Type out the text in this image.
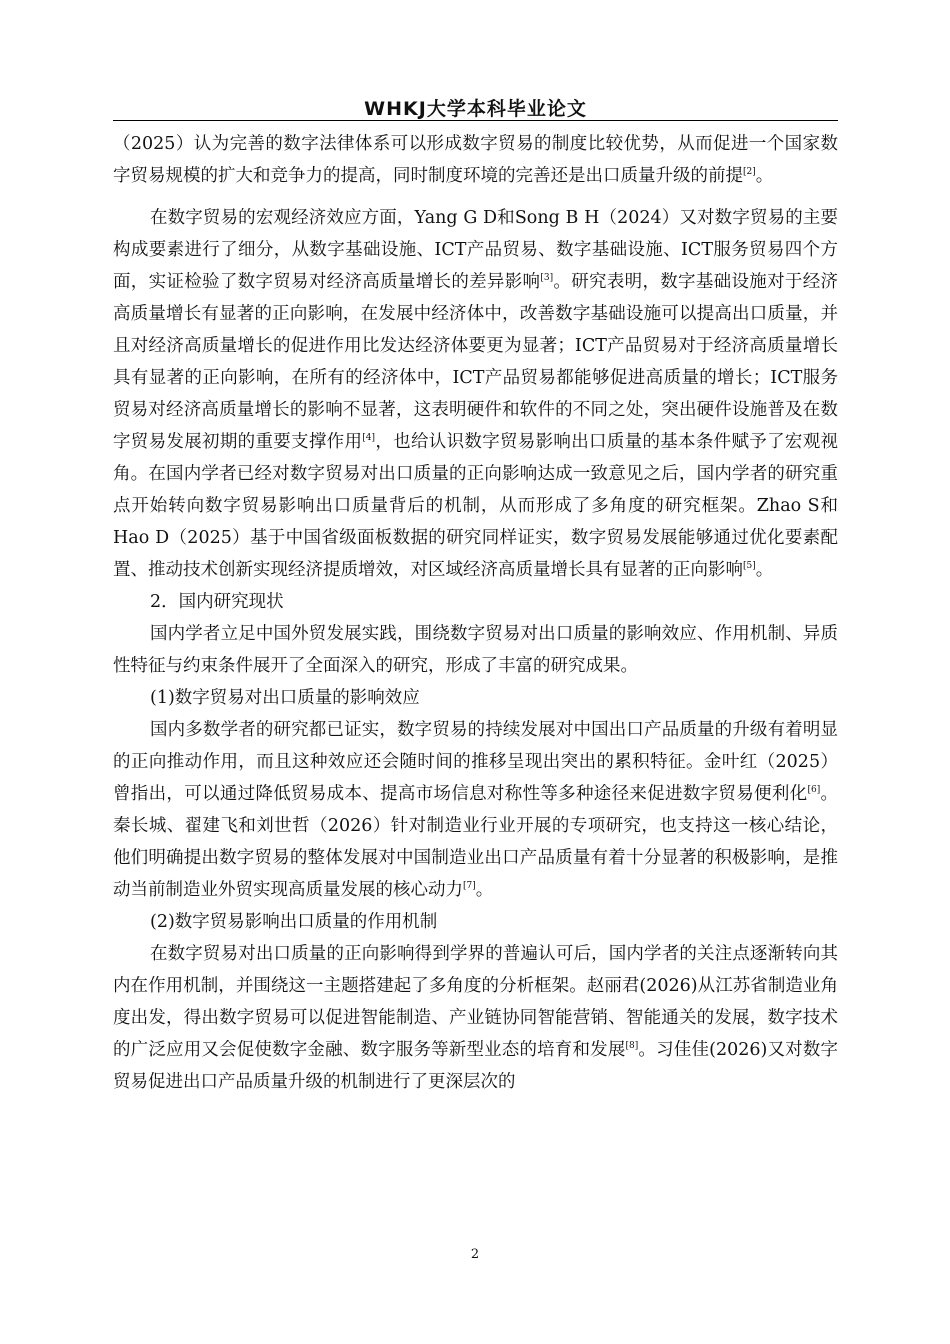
WHKJ大学本科毕业论文

（2025）认为完善的数字法律体系可以形成数字贸易的制度比较优势，从而促进一个国家数字贸易规模的扩大和竞争力的提高，同时制度环境的完善还是出口质量升级的前提[2]。

在数字贸易的宏观经济效应方面，Yang G D和Song B H（2024）又对数字贸易的主要构成要素进行了细分，从数字基础设施、ICT产品贸易、数字基础设施、ICT服务贸易四个方面，实证检验了数字贸易对经济高质量增长的差异影响[3]。研究表明，数字基础设施对于经济高质量增长有显著的正向影响，在发展中经济体中，改善数字基础设施可以提高出口质量，并且对经济高质量增长的促进作用比发达经济体要更为显著；ICT产品贸易对于经济高质量增长具有显著的正向影响，在所有的经济体中，ICT产品贸易都能够促进高质量的增长；ICT服务贸易对经济高质量增长的影响不显著，这表明硬件和软件的不同之处，突出硬件设施普及在数字贸易发展初期的重要支撑作用[4]，也给认识数字贸易影响出口质量的基本条件赋予了宏观视角。在国内学者已经对数字贸易对出口质量的正向影响达成一致意见之后，国内学者的研究重点开始转向数字贸易影响出口质量背后的机制，从而形成了多角度的研究框架。Zhao S和Hao D（2025）基于中国省级面板数据的研究同样证实，数字贸易发展能够通过优化要素配置、推动技术创新实现经济提质增效，对区域经济高质量增长具有显著的正向影响[5]。

2．国内研究现状

国内学者立足中国外贸发展实践，围绕数字贸易对出口质量的影响效应、作用机制、异质性特征与约束条件展开了全面深入的研究，形成了丰富的研究成果。

(1)数字贸易对出口质量的影响效应

国内多数学者的研究都已证实，数字贸易的持续发展对中国出口产品质量的升级有着明显的正向推动作用，而且这种效应还会随时间的推移呈现出突出的累积特征。金叶红（2025）曾指出，可以通过降低贸易成本、提高市场信息对称性等多种途径来促进数字贸易便利化[6]。秦长城、翟建飞和刘世哲（2026）针对制造业行业开展的专项研究，也支持这一核心结论，他们明确提出数字贸易的整体发展对中国制造业出口产品质量有着十分显著的积极影响，是推动当前制造业外贸实现高质量发展的核心动力[7]。

(2)数字贸易影响出口质量的作用机制

在数字贸易对出口质量的正向影响得到学界的普遍认可后，国内学者的关注点逐渐转向其内在作用机制，并围绕这一主题搭建起了多角度的分析框架。赵丽君(2026)从江苏省制造业角度出发，得出数字贸易可以促进智能制造、产业链协同智能营销、智能通关的发展，数字技术的广泛应用又会促使数字金融、数字服务等新型业态的培育和发展[8]。习佳佳(2026)又对数字贸易促进出口产品质量升级的机制进行了更深层次的

2
